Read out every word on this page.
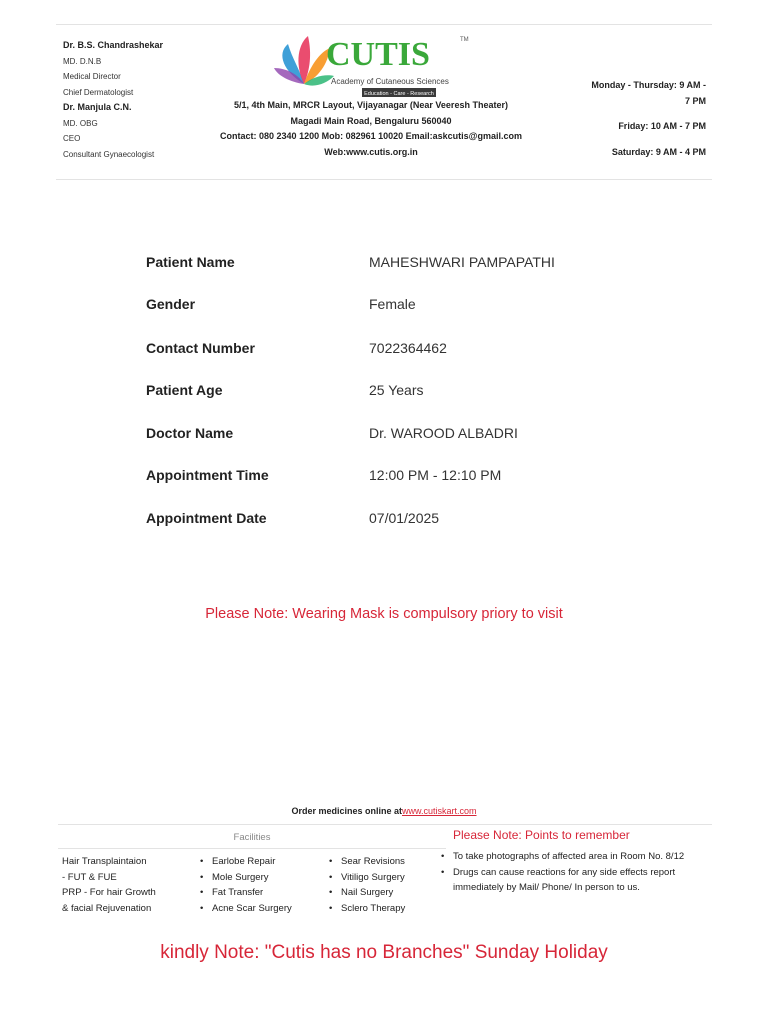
Dr. B.S. Chandrashekar
MD. D.N.B
Medical Director
Chief Dermatologist
Dr. Manjula C.N.
MD. OBG
CEO
Consultant Gynaecologist
CUTIS	TM
Academy of Cutaneous Sciences
Education - Care - Research
5/1, 4th Main, MRCR Layout, Vijayanagar (Near Veeresh Theater)
Magadi Main Road, Bengaluru 560040
Contact: 080 2340 1200 Mob: 082961 10020 Email:askcutis@gmail.com
Web:www.cutis.org.in
Monday - Thursday: 9 AM -
7 PM
Friday: 10 AM - 7 PM
Saturday: 9 AM - 4 PM
Patient Name	MAHESHWARI PAMPAPATHI
Gender	Female
Contact Number	7022364462
Patient Age	25 Years
Doctor Name	Dr. WAROOD ALBADRI
Appointment Time	12:00 PM - 12:10 PM
Appointment Date	07/01/2025
Please Note: Wearing Mask is compulsory priory to visit
Order medicines online atwww.cutiskart.com
Facilities	Please Note: Points to remember
Hair Transplaintaion
- FUT & FUE
PRP - For hair Growth
& facial Rejuvenation
• Earlobe Repair
• Mole Surgery
• Fat Transfer
• Acne Scar Surgery
• Sear Revisions
• Vitiligo Surgery
• Nail Surgery
• Sclero Therapy
• To take photographs of affected area in Room No. 8/12
• Drugs can cause reactions for any side effects report immediately by Mail/ Phone/ In person to us.
kindly Note: "Cutis has no Branches" Sunday Holiday
